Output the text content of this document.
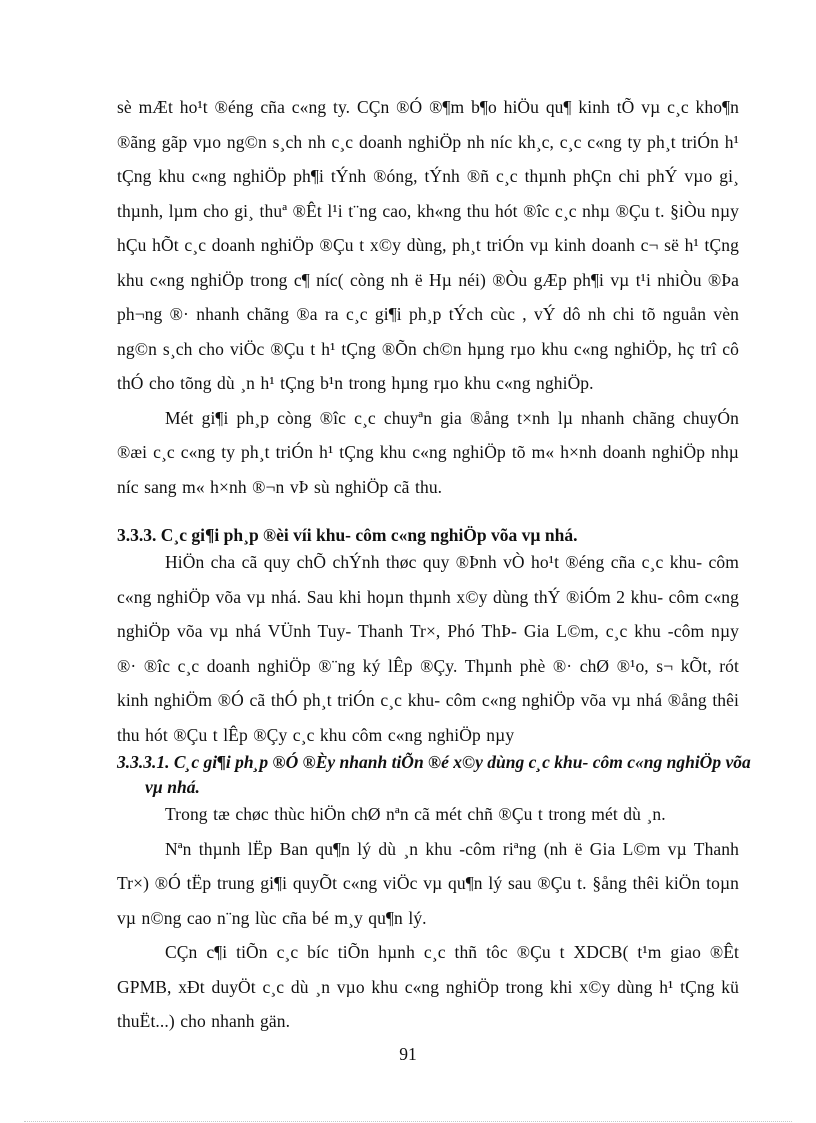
sè mÆt ho¹t ®éng cña c«ng ty. CÇn ®Ó ®¶m b¶o hiÖu qu¶ kinh tÕ vµ c¸c kho¶n ®ãng gãp vµo ng©n s¸ch nh c¸c doanh nghiÖp nh níc kh¸c, c¸c c«ng ty ph¸t triÓn h¹ tÇng khu c«ng nghiÖp ph¶i tÝnh ®óng, tÝnh ®ñ c¸c thµnh phÇn chi phÝ vµo gi¸ thµnh, lµm cho gi¸ thuª ®Êt l¹i t¨ng cao, kh«ng thu hót ®îc c¸c nhµ ®Çu t. §iÒu nµy hÇu hÕt c¸c doanh nghiÖp ®Çu t x©y dùng, ph¸t triÓn vµ kinh doanh c¬ së h¹ tÇng khu c«ng nghiÖp trong c¶ níc( còng nh ë Hµ néi) ®Òu gÆp ph¶i vµ t¹i nhiÒu ®Þa ph¬ng ®· nhanh chãng ®a ra c¸c gi¶i ph¸p tÝch cùc , vÝ dô nh chi tõ nguån vèn ng©n s¸ch cho viÖc ®Çu t h¹ tÇng ®Õn ch©n hµng rµo khu c«ng nghiÖp, hç trî cô thÓ cho tõng dù ¸n h¹ tÇng b¹n trong hµng rµo khu c«ng nghiÖp.

Mét gi¶i ph¸p còng ®îc c¸c chuyªn gia ®ång t×nh lµ nhanh chãng chuyÓn ®æi c¸c c«ng ty ph¸t triÓn h¹ tÇng khu c«ng nghiÖp tõ m« h×nh doanh nghiÖp nhµ níc sang m« h×nh ®¬n vÞ sù nghiÖp cã thu.

3.3.3. C¸c gi¶i ph¸p ®èi víi khu- côm c«ng nghiÖp võa vµ nhá.

HiÖn cha cã quy chÕ chÝnh thøc quy ®Þnh vÒ ho¹t ®éng cña c¸c khu- côm c«ng nghiÖp võa vµ nhá. Sau khi hoµn thµnh x©y dùng thÝ ®iÓm 2 khu- côm c«ng nghiÖp võa vµ nhá VÜnh Tuy- Thanh Tr×, Phó ThÞ- Gia L©m, c¸c khu -côm nµy ®· ®îc c¸c doanh nghiÖp ®¨ng ký lÊp ®Çy. Thµnh phè ®· chØ ®¹o, s¬ kÕt, rót kinh nghiÖm ®Ó cã thÓ ph¸t triÓn c¸c khu- côm c«ng nghiÖp võa vµ nhá ®ång thêi thu hót ®Çu t lÊp ®Çy c¸c khu côm c«ng nghiÖp nµy

3.3.3.1. C¸c gi¶i ph¸p ®Ó ®Èy nhanh tiÕn ®é x©y dùng c¸c khu- côm c«ng nghiÖp võa vµ nhá.

Trong tæ chøc thùc hiÖn chØ nªn cã mét chñ ®Çu t trong mét dù ¸n.

Nªn thµnh lËp Ban qu¶n lý dù ¸n khu -côm riªng (nh ë Gia L©m vµ Thanh Tr×) ®Ó tËp trung gi¶i quyÕt c«ng viÖc vµ qu¶n lý sau ®Çu t. §ång thêi kiÖn toµn vµ n©ng cao n¨ng lùc cña bé m¸y qu¶n lý.

CÇn c¶i tiÕn c¸c bíc tiÕn hµnh c¸c thñ tôc ®Çu t XDCB( t¹m giao ®Êt GPMB, xÐt duyÖt c¸c dù ¸n vµo khu c«ng nghiÖp trong khi x©y dùng h¹ tÇng kü thuËt...) cho nhanh gän.

91
